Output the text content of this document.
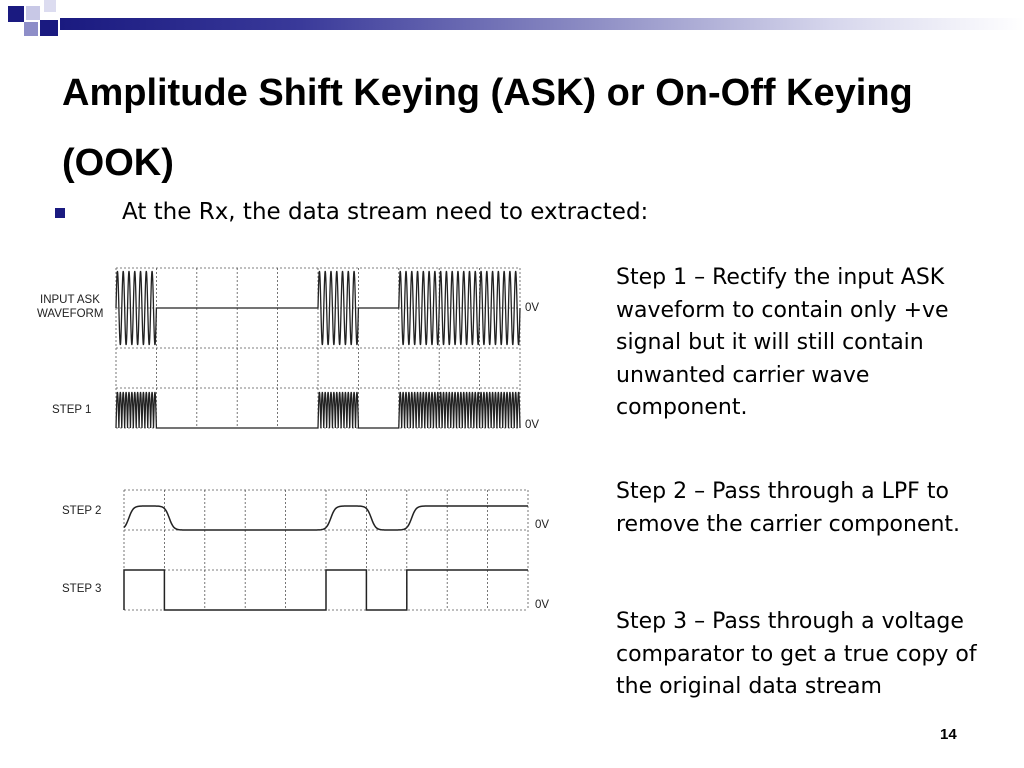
Amplitude Shift Keying (ASK) or On-Off Keying (OOK)
At the Rx, the data stream need to extracted:
INPUT ASK
WAVEFORM
STEP 1
STEP 2
STEP 3
0V
0V
0V
0V
Step 1 – Rectify the input ASK waveform to contain only +ve signal but it will still contain unwanted carrier wave component.
Step 2 – Pass through a LPF to remove the carrier component.
Step 3 – Pass through a voltage comparator to get a true copy of the original data stream
14
